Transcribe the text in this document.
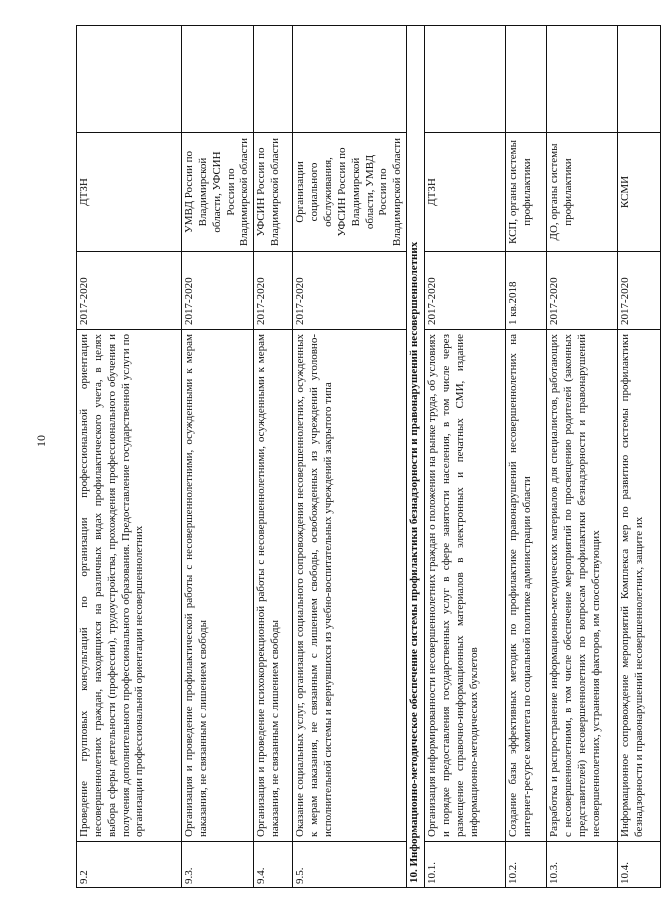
10
9.2	Проведение групповых консультаций по организации профессиональной ориентации несовершеннолетних граждан, находящихся на различных видах профилактического учета, в целях выбора сферы деятельности (профессии), трудоустройства, прохождения профессионального обучения и получения дополнительного профессионального образования. Предоставление государственной услуги по организации профессиональной ориентации несовершеннолетних	2017-2020	ДТЗН	
9.3.	Организация и проведение профилактической работы с несовершеннолетними, осужденными к мерам наказания, не связанным с лишением свободы	2017-2020	УМВД России по Владимирской области, УФСИН России по Владимирской области	
9.4.	Организация и проведение психокоррекционной работы с несовершеннолетними, осужденными к мерам наказания, не связанным с лишением свободы	2017-2020	УФСИН России по Владимирской области	
9.5.	Оказание социальных услуг, организация социального сопровождения несовершеннолетних, осужденных к мерам наказания, не связанным с лишением свободы, освобожденных из учреждений уголовно-исполнительной системы и вернувшихся из учебно-воспитательных учреждений закрытого типа	2017-2020	Организации социального обслуживания, УФСИН России по Владимирской области, УМВД России по Владимирской области	
10. Информационно-методическое обеспечение системы профилактики безнадзорности и правонарушений несовершеннолетних				
10.1.	Организация информированности несовершеннолетних граждан о положении на рынке труда, об условиях и порядке предоставления государственных услуг в сфере занятости населения, в том числе через размещение справочно-информационных материалов в электронных и печатных СМИ, издание информационно-методических буклетов	2017-2020	ДТЗН	
10.2.	Создание базы эффективных методик по профилактике правонарушений несовершеннолетних на интернет-ресурсе комитета по социальной политике администрации области	1 кв.2018	КСП, органы системы профилактики	
10.3.	Разработка и распространение информационно-методических материалов для специалистов, работающих с несовершеннолетними, в том числе обеспечение мероприятий по просвещению родителей (законных представителей) несовершеннолетних по вопросам профилактики безнадзорности и правонарушений несовершеннолетних, устранения факторов, им способствующих	2017-2020	ДО, органы системы профилактики	
10.4.	Информационное сопровождение мероприятий Комплекса мер по развитию системы профилактики безнадзорности и правонарушений несовершеннолетних, защите их	2017-2020	КСМИ	
